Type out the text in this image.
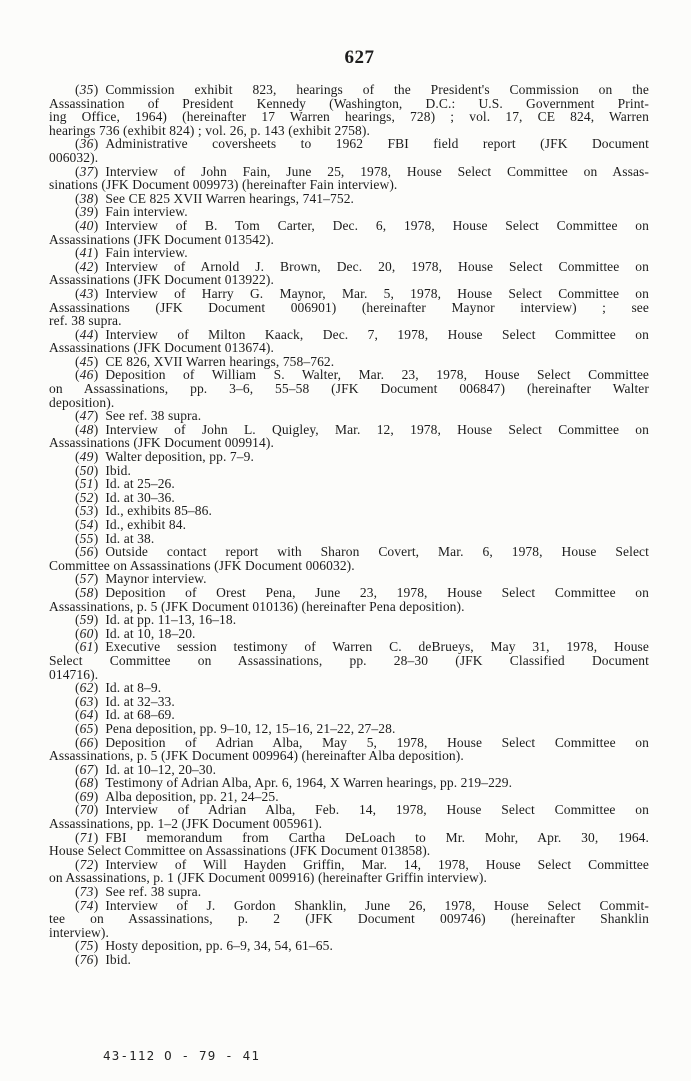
627
(35) Commission exhibit 823, hearings of the President's Commission on the
Assassination of President Kennedy (Washington, D.C.: U.S. Government Print-
ing Office, 1964) (hereinafter 17 Warren hearings, 728) ; vol. 17, CE 824, Warren
hearings 736 (exhibit 824) ; vol. 26, p. 143 (exhibit 2758).
(36) Administrative coversheets to 1962 FBI field report (JFK Document
006032).
(37) Interview of John Fain, June 25, 1978, House Select Committee on Assas-
sinations (JFK Document 009973) (hereinafter Fain interview).
(38) See CE 825 XVII Warren hearings, 741–752.
(39) Fain interview.
(40) Interview of B. Tom Carter, Dec. 6, 1978, House Select Committee on
Assassinations (JFK Document 013542).
(41) Fain interview.
(42) Interview of Arnold J. Brown, Dec. 20, 1978, House Select Committee on
Assassinations (JFK Document 013922).
(43) Interview of Harry G. Maynor, Mar. 5, 1978, House Select Committee on
Assassinations (JFK Document 006901) (hereinafter Maynor interview) ; see
ref. 38 supra.
(44) Interview of Milton Kaack, Dec. 7, 1978, House Select Committee on
Assassinations (JFK Document 013674).
(45) CE 826, XVII Warren hearings, 758–762.
(46) Deposition of William S. Walter, Mar. 23, 1978, House Select Committee
on Assassinations, pp. 3–6, 55–58 (JFK Document 006847) (hereinafter Walter
deposition).
(47) See ref. 38 supra.
(48) Interview of John L. Quigley, Mar. 12, 1978, House Select Committee on
Assassinations (JFK Document 009914).
(49) Walter deposition, pp. 7–9.
(50) Ibid.
(51) Id. at 25–26.
(52) Id. at 30–36.
(53) Id., exhibits 85–86.
(54) Id., exhibit 84.
(55) Id. at 38.
(56) Outside contact report with Sharon Covert, Mar. 6, 1978, House Select
Committee on Assassinations (JFK Document 006032).
(57) Maynor interview.
(58) Deposition of Orest Pena, June 23, 1978, House Select Committee on
Assassinations, p. 5 (JFK Document 010136) (hereinafter Pena deposition).
(59) Id. at pp. 11–13, 16–18.
(60) Id. at 10, 18–20.
(61) Executive session testimony of Warren C. deBrueys, May 31, 1978, House
Select Committee on Assassinations, pp. 28–30 (JFK Classified Document
014716).
(62) Id. at 8–9.
(63) Id. at 32–33.
(64) Id. at 68–69.
(65) Pena deposition, pp. 9–10, 12, 15–16, 21–22, 27–28.
(66) Deposition of Adrian Alba, May 5, 1978, House Select Committee on
Assassinations, p. 5 (JFK Document 009964) (hereinafter Alba deposition).
(67) Id. at 10–12, 20–30.
(68) Testimony of Adrian Alba, Apr. 6, 1964, X Warren hearings, pp. 219–229.
(69) Alba deposition, pp. 21, 24–25.
(70) Interview of Adrian Alba, Feb. 14, 1978, House Select Committee on
Assassinations, pp. 1–2 (JFK Document 005961).
(71) FBI memorandum from Cartha DeLoach to Mr. Mohr, Apr. 30, 1964.
House Select Committee on Assassinations (JFK Document 013858).
(72) Interview of Will Hayden Griffin, Mar. 14, 1978, House Select Committee
on Assassinations, p. 1 (JFK Document 009916) (hereinafter Griffin interview).
(73) See ref. 38 supra.
(74) Interview of J. Gordon Shanklin, June 26, 1978, House Select Commit-
tee on Assassinations, p. 2 (JFK Document 009746) (hereinafter Shanklin
interview).
(75) Hosty deposition, pp. 6–9, 34, 54, 61–65.
(76) Ibid.
43-112 O - 79 - 41
